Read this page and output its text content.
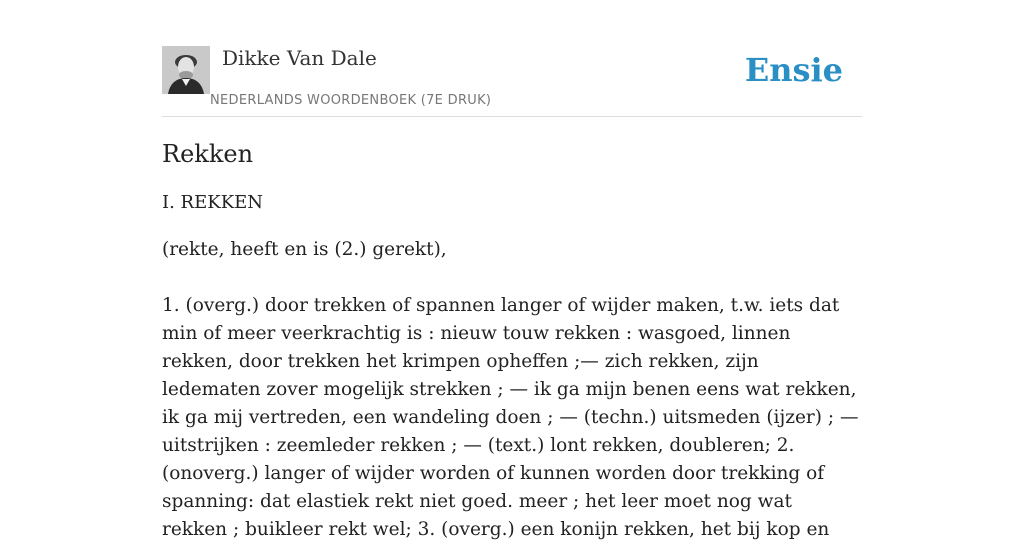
Dikke Van Dale
NEDERLANDS WOORDENBOEK (7E DRUK)
Ensie
Rekken
I. REKKEN
(rekte, heeft en is (2.) gerekt),
1. (overg.) door trekken of spannen langer of wijder maken, t.w. iets dat min of meer veerkrachtig is : nieuw touw rekken : wasgoed, linnen rekken, door trekken het krimpen opheffen ;— zich rekken, zijn ledematen zover mogelijk strekken ; — ik ga mijn benen eens wat rekken, ik ga mij vertreden, een wandeling doen ; — (techn.) uitsmeden (ijzer) ; — uitstrijken : zeemleder rekken ; — (text.) lont rekken, doubleren; 2. (onoverg.) langer of wijder worden of kunnen worden door trekking of spanning: dat elastiek rekt niet goed. meer ; het leer moet nog wat rekken ; buikleer rekt wel; 3. (overg.) een konijn rekken, het bij kop en
